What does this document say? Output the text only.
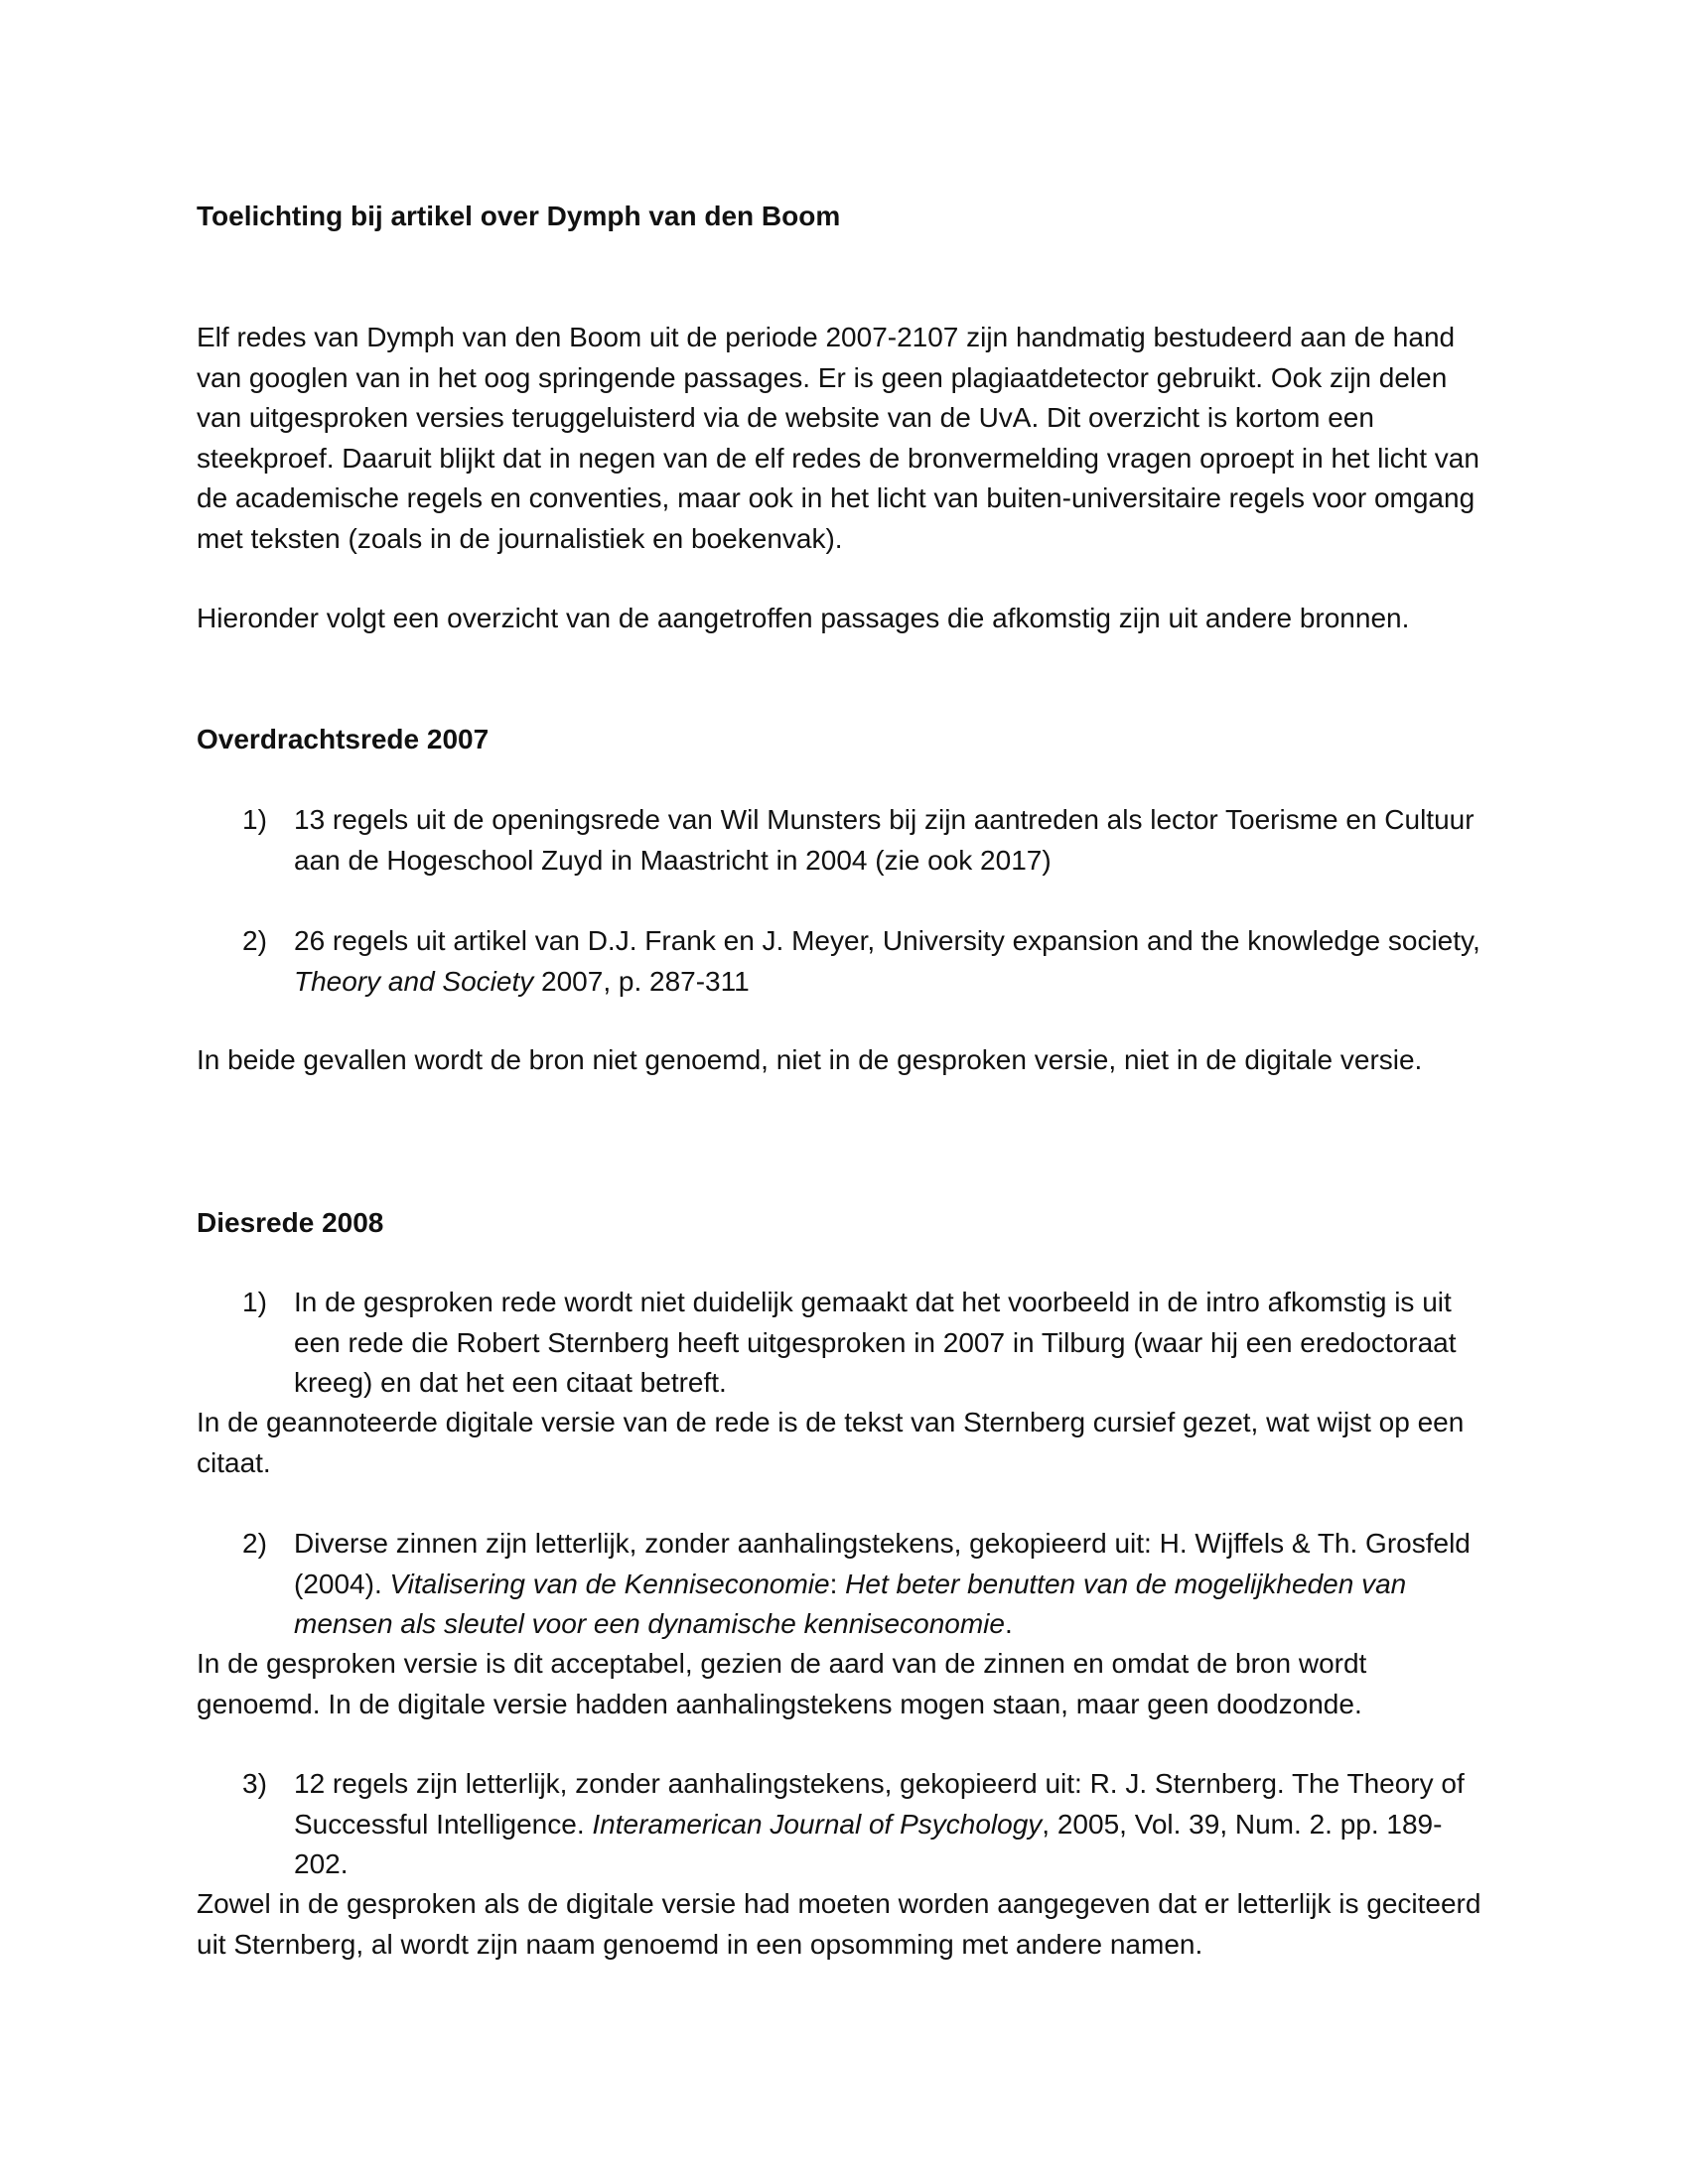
Toelichting bij artikel over Dymph van den Boom

Elf redes van Dymph van den Boom uit de periode 2007-2107 zijn handmatig bestudeerd aan de hand van googlen van in het oog springende passages. Er is geen plagiaatdetector gebruikt. Ook zijn delen van uitgesproken versies teruggeluisterd via de website van de UvA. Dit overzicht is kortom een steekproef. Daaruit blijkt dat in negen van de elf redes de bronvermelding vragen oproept in het licht van de academische regels en conventies, maar ook in het licht van buiten-universitaire regels voor omgang met teksten (zoals in de journalistiek en boekenvak).

Hieronder volgt een overzicht van de aangetroffen passages die afkomstig zijn uit andere bronnen.

Overdrachtsrede 2007
1) 13 regels uit de openingsrede van Wil Munsters bij zijn aantreden als lector Toerisme en Cultuur aan de Hogeschool Zuyd in Maastricht in 2004 (zie ook 2017)

2) 26 regels uit artikel van D.J. Frank en J. Meyer, University expansion and the knowledge society, Theory and Society 2007, p. 287-311

In beide gevallen wordt de bron niet genoemd, niet in de gesproken versie, niet in de digitale versie.

Diesrede 2008
1) In de gesproken rede wordt niet duidelijk gemaakt dat het voorbeeld in de intro afkomstig is uit een rede die Robert Sternberg heeft uitgesproken in 2007 in Tilburg (waar hij een eredoctoraat kreeg) en dat het een citaat betreft.

In de geannoteerde digitale versie van de rede is de tekst van Sternberg cursief gezet, wat wijst op een citaat.

2) Diverse zinnen zijn letterlijk, zonder aanhalingstekens, gekopieerd uit: H. Wijffels & Th. Grosfeld (2004). Vitalisering van de Kenniseconomie: Het beter benutten van de mogelijkheden van mensen als sleutel voor een dynamische kenniseconomie.

In de gesproken versie is dit acceptabel, gezien de aard van de zinnen en omdat de bron wordt genoemd. In de digitale versie hadden aanhalingstekens mogen staan, maar geen doodzonde.

3) 12 regels zijn letterlijk, zonder aanhalingstekens, gekopieerd uit: R. J. Sternberg. The Theory of Successful Intelligence. Interamerican Journal of Psychology, 2005, Vol. 39, Num. 2. pp. 189-202.

Zowel in de gesproken als de digitale versie had moeten worden aangegeven dat er letterlijk is geciteerd uit Sternberg, al wordt zijn naam genoemd in een opsomming met andere namen.
